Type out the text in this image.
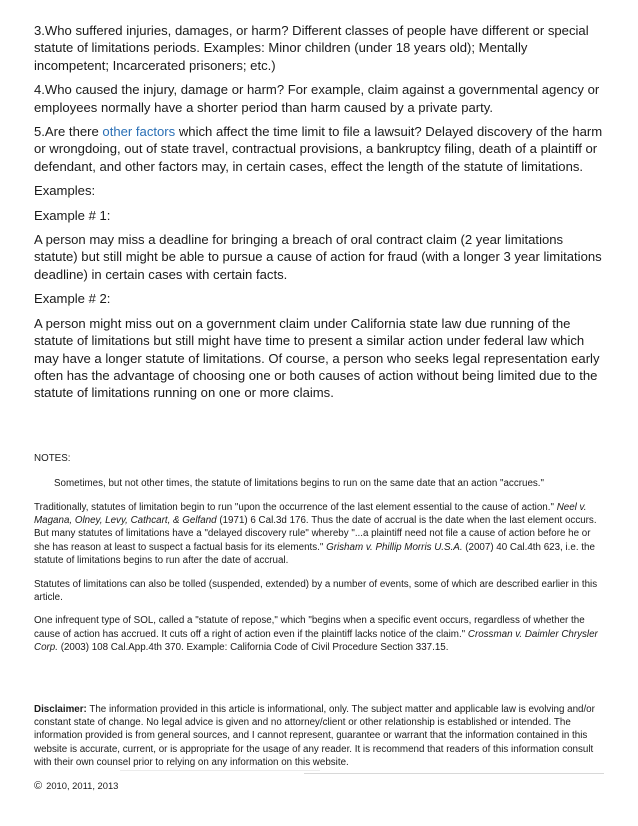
3.Who suffered injuries, damages, or harm? Different classes of people have different or special statute of limitations periods. Examples: Minor children (under 18 years old); Mentally incompetent; Incarcerated prisoners; etc.)

4.Who caused the injury, damage or harm? For example, claim against a governmental agency or employees normally have a shorter period than harm caused by a private party.

5.Are there other factors which affect the time limit to file a lawsuit? Delayed discovery of the harm or wrongdoing, out of state travel, contractual provisions, a bankruptcy filing, death of a plaintiff or defendant, and other factors may, in certain cases, effect the length of the statute of limitations.

Examples:

Example # 1:

A person may miss a deadline for bringing a breach of oral contract claim (2 year limitations statute) but still might be able to pursue a cause of action for fraud (with a longer 3 year limitations deadline) in certain cases with certain facts.

Example # 2:

A person might miss out on a government claim under California state law due running of the statute of limitations but still might have time to present a similar action under federal law which may have a longer statute of limitations. Of course, a person who seeks legal representation early often has the advantage of choosing one or both causes of action without being limited due to the statute of limitations running on one or more claims.

NOTES:

Sometimes, but not other times, the statute of limitations begins to run on the same date that an action "accrues."

Traditionally, statutes of limitation begin to run "upon the occurrence of the last element essential to the cause of action." Neel v. Magana, Olney, Levy, Cathcart, & Gelfand (1971) 6 Cal.3d 176. Thus the date of accrual is the date when the last element occurs. But many statutes of limitations have a "delayed discovery rule" whereby "...a plaintiff need not file a cause of action before he or she has reason at least to suspect a factual basis for its elements." Grisham v. Phillip Morris U.S.A. (2007) 40 Cal.4th 623, i.e. the statute of limitations begins to run after the date of accrual.

Statutes of limitations can also be tolled (suspended, extended) by a number of events, some of which are described earlier in this article.

One infrequent type of SOL, called a "statute of repose," which "begins when a specific event occurs, regardless of whether the cause of action has accrued. It cuts off a right of action even if the plaintiff lacks notice of the claim." Crossman v. Daimler Chrysler Corp. (2003) 108 Cal.App.4th 370. Example: California Code of Civil Procedure Section 337.15.

Disclaimer: The information provided in this article is informational, only. The subject matter and applicable law is evolving and/or constant state of change. No legal advice is given and no attorney/client or other relationship is established or intended. The information provided is from general sources, and I cannot represent, guarantee or warrant that the information contained in this website is accurate, current, or is appropriate for the usage of any reader. It is recommend that readers of this information consult with their own counsel prior to relying on any information on this website.

© 2010, 2011, 2013
